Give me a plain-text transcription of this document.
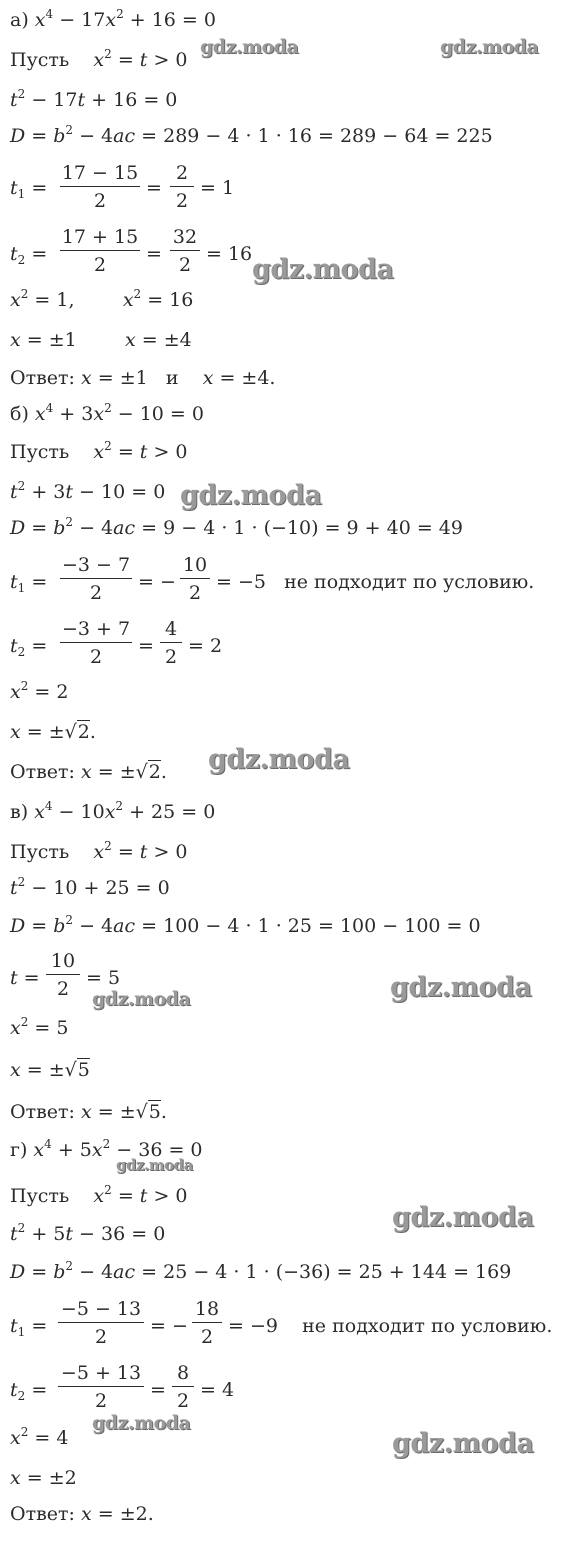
а) $x^4 - 17x^2 + 16 = 0$
Пусть $x^2 = t > 0$
$t^2 - 17t + 16 = 0$
$D = b^2 - 4ac = 289 - 4 \cdot 1 \cdot 16 = 289 - 64 = 225$
$t_1$ =
17 − 15
2
=
2
2
= 1
$t_2$ =
17 + 15
2	=
32
2 = 16
$x^2 = 1$,        $x^2 = 16$
x = ±1        x = ±4
Ответ: x = ±1   и x = ±4.
б) $x^4 + 3x^2 - 10 = 0$
Пусть $x^2 = t > 0$
$t^2 + 3t - 10 = 0$
$D = b^2 - 4ac = 9 - 4 \cdot 1 \cdot (-10) = 9 + 40 = 49$
$t_1$ =
−3 − 7
2	= −
10
2 = −5   не подходит по условию.
$t_2$ =
−3 + 7
2	=
4
2 = 2
$x^2 = 2$
x = ±√2.
Ответ: x = ±√2.
в) $x^4 - 10x^2 + 25 = 0$
Пусть $x^2 = t > 0$
$t^2 - 10 + 25 = 0$
$D = b^2 - 4ac = 100 - 4 \cdot 1 \cdot 25 = 100 - 100 = 0$
t =
10
2 = 5
$x^2 = 5$
x = ±√5
Ответ: x = ±√5.
г) $x^4 + 5x^2 - 36 = 0$
Пусть $x^2 = t > 0$
$t^2 + 5t - 36 = 0$
$D = b^2 - 4ac = 25 - 4 \cdot 1 \cdot (-36) = 25 + 144 = 169$
$t_1$ =
−5 − 13
2	= −
18
2 = −9    не подходит по условию.
$t_2$ =
−5 + 13
2	=
8
2 = 4
$x^2 = 4$
x = ±2
Ответ: x = ±2.
gdz.moda	gdz.moda
gdz.moda
gdz.moda
gdz.moda
gdz.moda
gdz.moda
gdz.moda
gdz.moda
gdz.moda
gdz.moda
